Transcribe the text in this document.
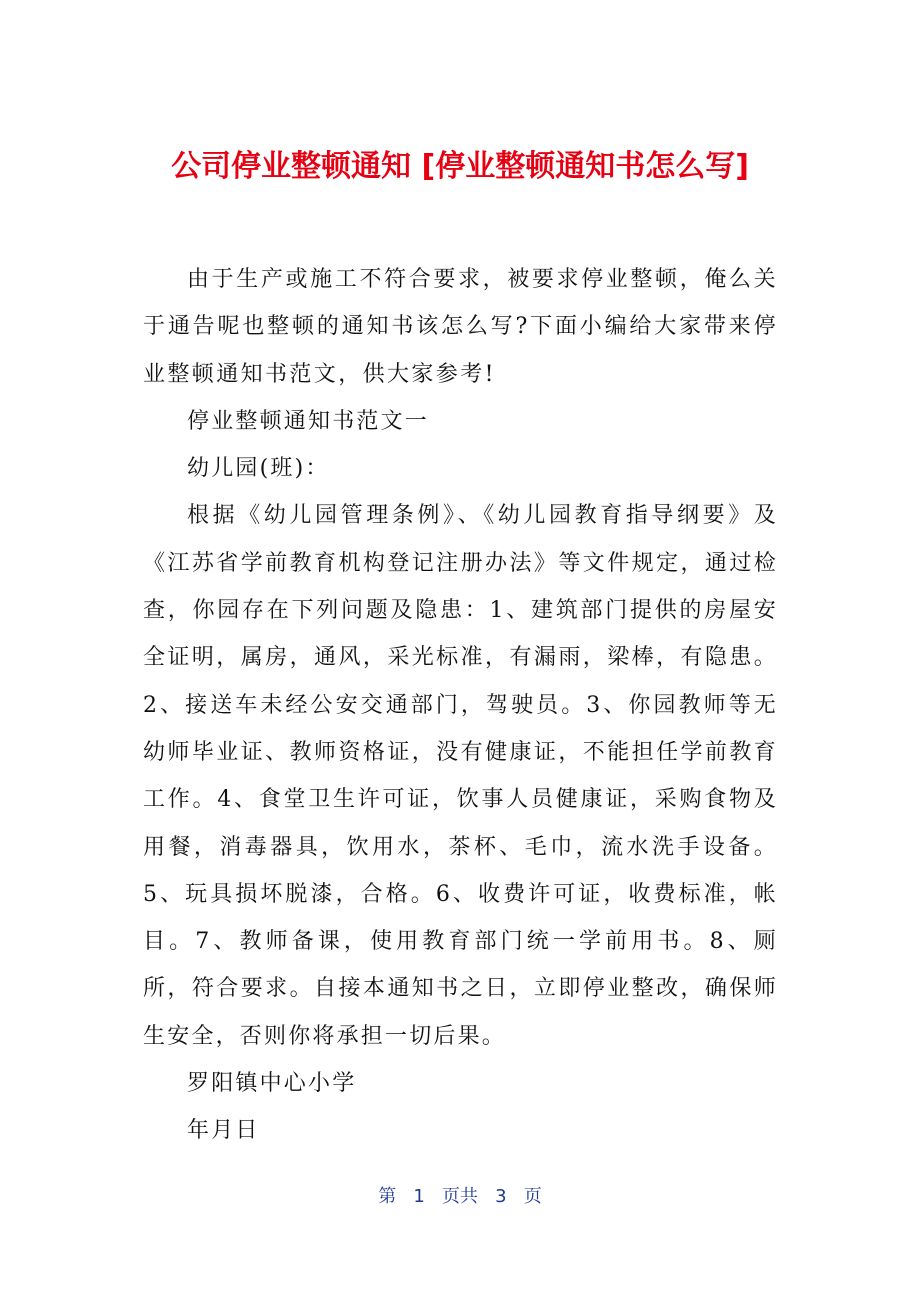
公司停业整顿通知 [停业整顿通知书怎么写]

由于生产或施工不符合要求，被要求停业整顿，俺么关于通告呢也整顿的通知书该怎么写?下面小编给大家带来停业整顿通知书范文，供大家参考!

停业整顿通知书范文一

幼儿园(班)：

根据《幼儿园管理条例》、《幼儿园教育指导纲要》及《江苏省学前教育机构登记注册办法》等文件规定，通过检查，你园存在下列问题及隐患：1、建筑部门提供的房屋安全证明，属房，通风，采光标准，有漏雨，梁棒，有隐患。2、接送车未经公安交通部门，驾驶员。3、你园教师等无幼师毕业证、教师资格证，没有健康证，不能担任学前教育工作。4、食堂卫生许可证，饮事人员健康证，采购食物及用餐，消毒器具，饮用水，茶杯、毛巾，流水洗手设备。5、玩具损坏脱漆，合格。6、收费许可证，收费标准，帐目。7、教师备课，使用教育部门统一学前用书。8、厕所，符合要求。自接本通知书之日，立即停业整改，确保师生安全，否则你将承担一切后果。

罗阳镇中心小学

年月日

第 1 页共 3 页
